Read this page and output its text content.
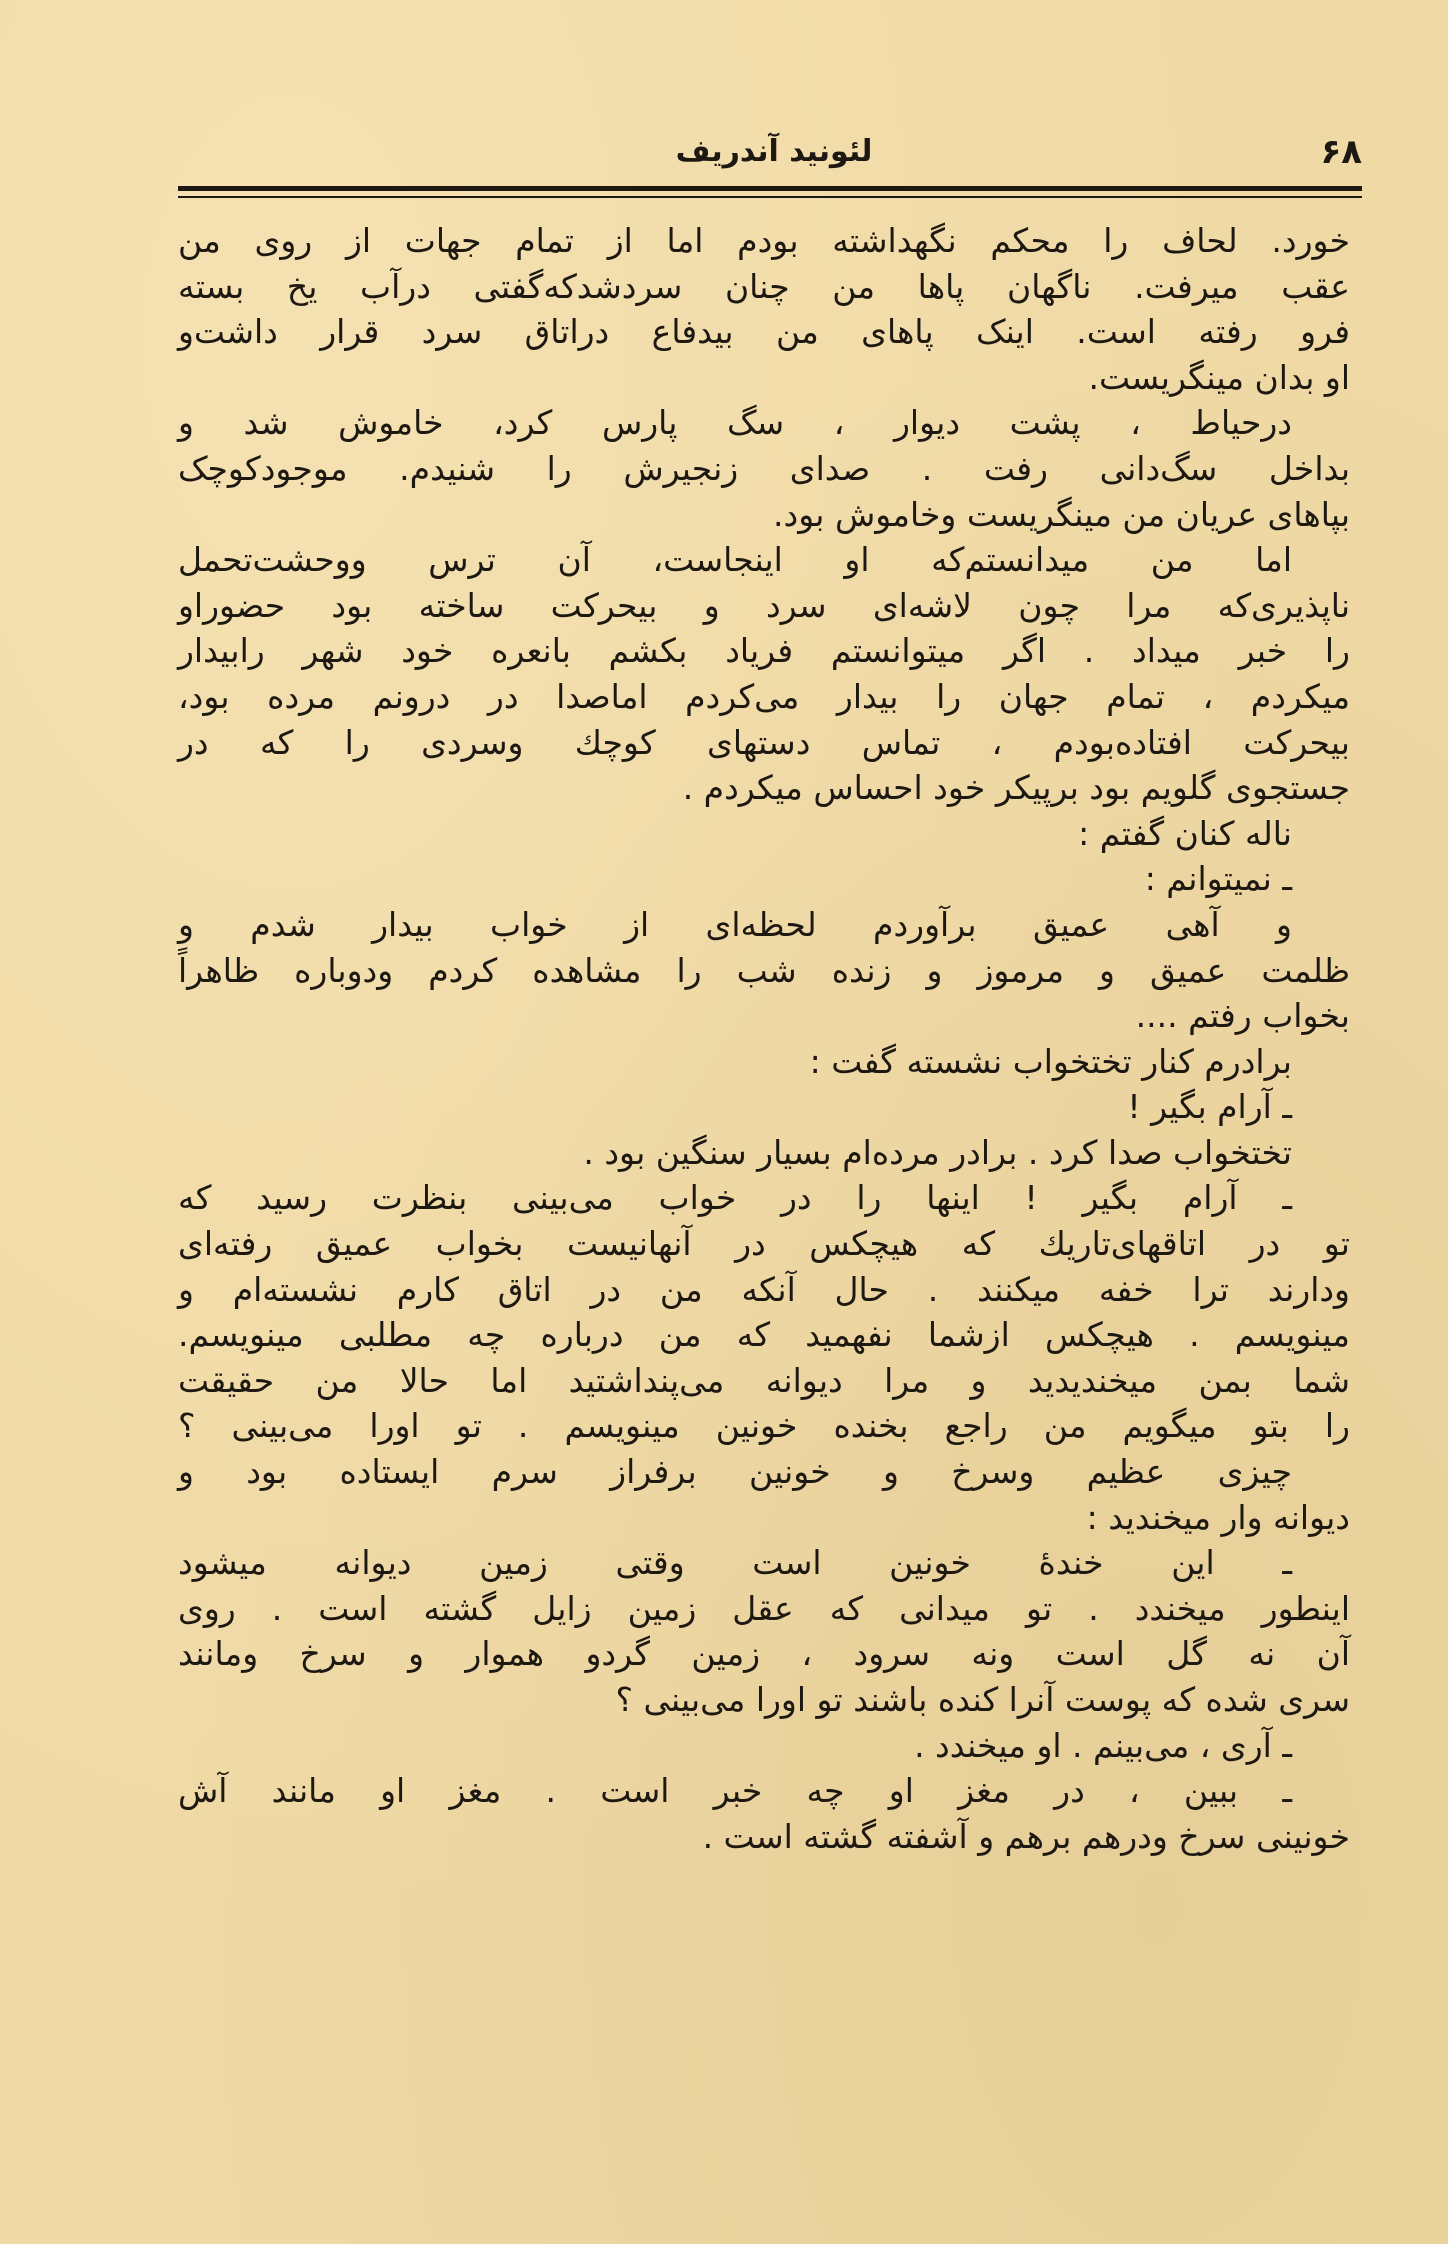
۶۸
لئونید آندریف
خورد. لحاف را محکم نگهداشته بودم اما از تمام جهات از روی من
عقب میرفت. ناگهان پاها من چنان سردشدکه‌گفتی درآب یخ بسته
فرو رفته است. اینک پاهای من بیدفاع دراتاق سرد قرار داشت‌و
او بدان مینگریست.
درحیاط ، پشت دیوار ، سگ پارس کرد، خاموش شد و
بداخل سگ‌دانی رفت . صدای زنجیرش را شنیدم. موجودکوچک
بپاهای عریان من مینگریست وخاموش بود.
اما من میدانستم‌که او اینجاست، آن ترس ووحشت‌تحمل
ناپذیری‌که مرا چون لاشه‌ای سرد و بیحرکت ساخته بود حضوراو
را خبر میداد . اگر میتوانستم فریاد بکشم بانعره خود شهر رابیدار
میکردم ، تمام جهان را بیدار می‌کردم اماصدا در درونم مرده بود،
بیحرکت افتاده‌بودم ، تماس دستهای کوچك وسردی را که در
جستجوی گلویم بود برپیکر خود احساس میکردم .
ناله کنان گفتم :
ـ نمیتوانم :
و آهی عمیق برآوردم لحظه‌ای از خواب بیدار شدم و
ظلمت عمیق و مرموز و زنده شب را مشاهده کردم ودوباره ظاهراً
بخواب رفتم ....
برادرم کنار تختخواب نشسته گفت :
ـ آرام بگیر !
تختخواب صدا کرد . برادر مرده‌ام بسیار سنگین بود .
ـ آرام بگیر ! اینها را در خواب می‌بینی بنظرت رسید که
تو در اتاقهای‌تاریك که هیچکس در آنهانیست بخواب عمیق رفته‌ای
ودارند ترا خفه میکنند . حال آنکه من در اتاق کارم نشسته‌ام و
مینویسم . هیچکس ازشما نفهمید که من درباره چه مطلبی مینویسم.
شما بمن میخندیدید و مرا دیوانه می‌پنداشتید اما حالا من حقیقت
را بتو میگویم من راجع بخنده خونین مینویسم . تو اورا می‌بینی ؟
چیزی عظیم وسرخ و خونین برفراز سرم ایستاده بود و
دیوانه وار میخندید :
ـ این خندهٔ خونین است وقتی زمین دیوانه میشود
اینطور میخندد . تو میدانی که عقل زمین زایل گشته است . روی
آن نه گل است ونه سرود ، زمین گردو هموار و سرخ ومانند
سری شده که پوست آنرا کنده باشند تو اورا می‌بینی ؟
ـ آری ، می‌بینم . او میخندد .
ـ ببین ، در مغز او چه خبر است . مغز او مانند آش
خونینی سرخ ودرهم برهم و آشفته گشته است .
